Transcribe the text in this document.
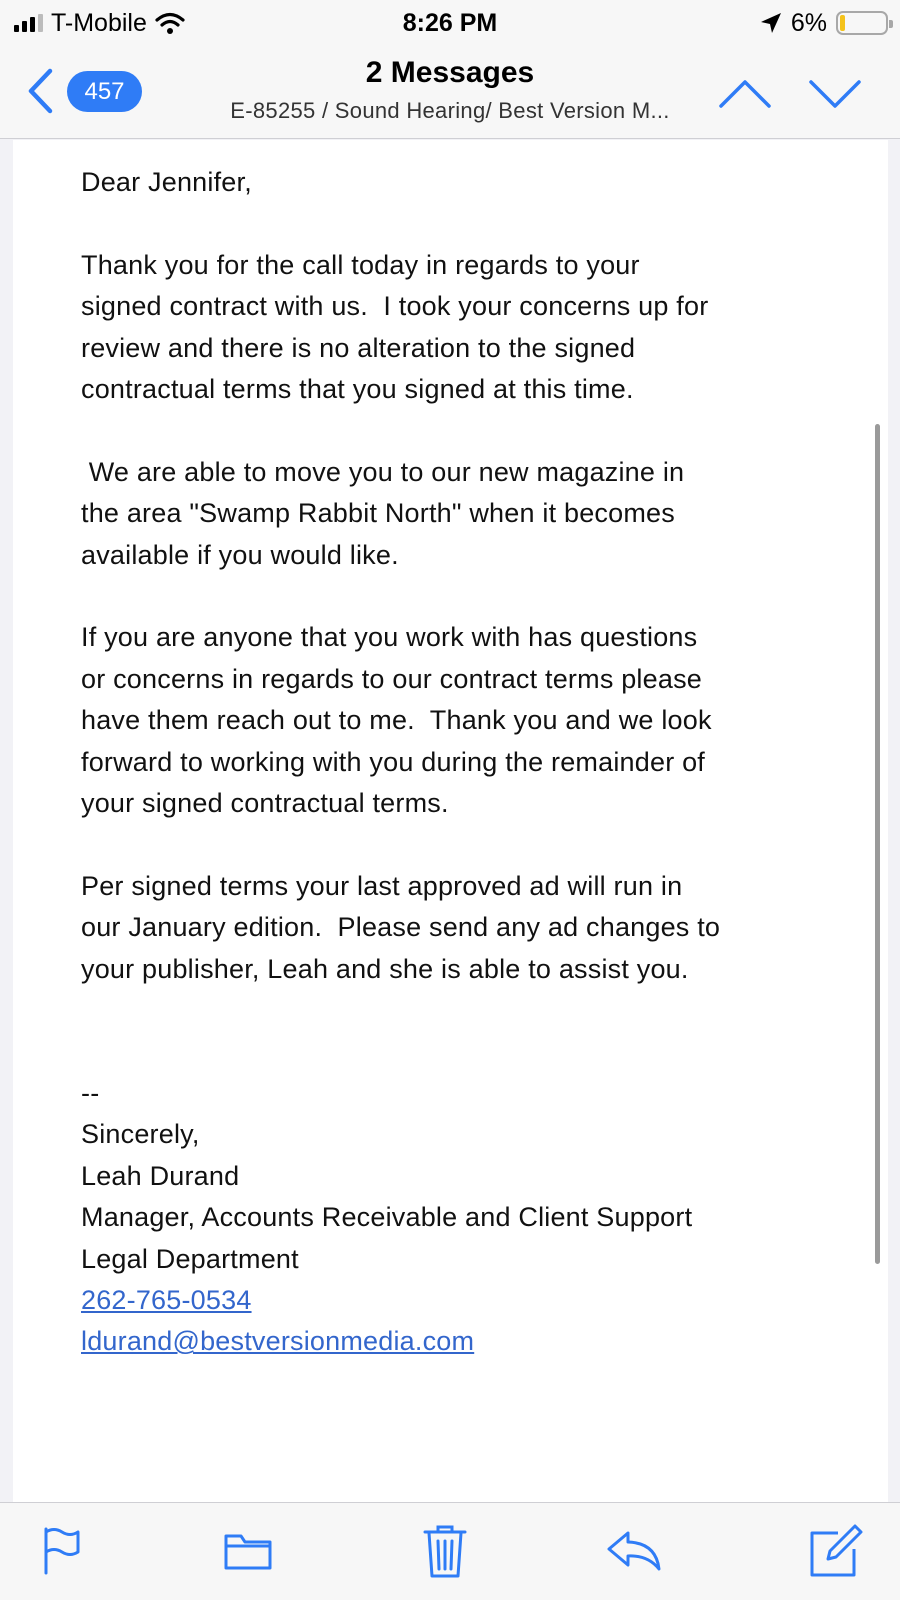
T-Mobile	8:26 PM	6%
457
2 Messages
E-85255 / Sound Hearing/ Best Version M...
Dear Jennifer,

Thank you for the call today in regards to your signed contract with us.  I took your concerns up for review and there is no alteration to the signed contractual terms that you signed at this time.

We are able to move you to our new magazine in the area "Swamp Rabbit North" when it becomes available if you would like.

If you are anyone that you work with has questions or concerns in regards to our contract terms please have them reach out to me.  Thank you and we look forward to working with you during the remainder of your signed contractual terms.

Per signed terms your last approved ad will run in our January edition.  Please send any ad changes to your publisher, Leah and she is able to assist you.

--
Sincerely,
Leah Durand
Manager, Accounts Receivable and Client Support
Legal Department
262-765-0534
ldurand@bestversionmedia.com
